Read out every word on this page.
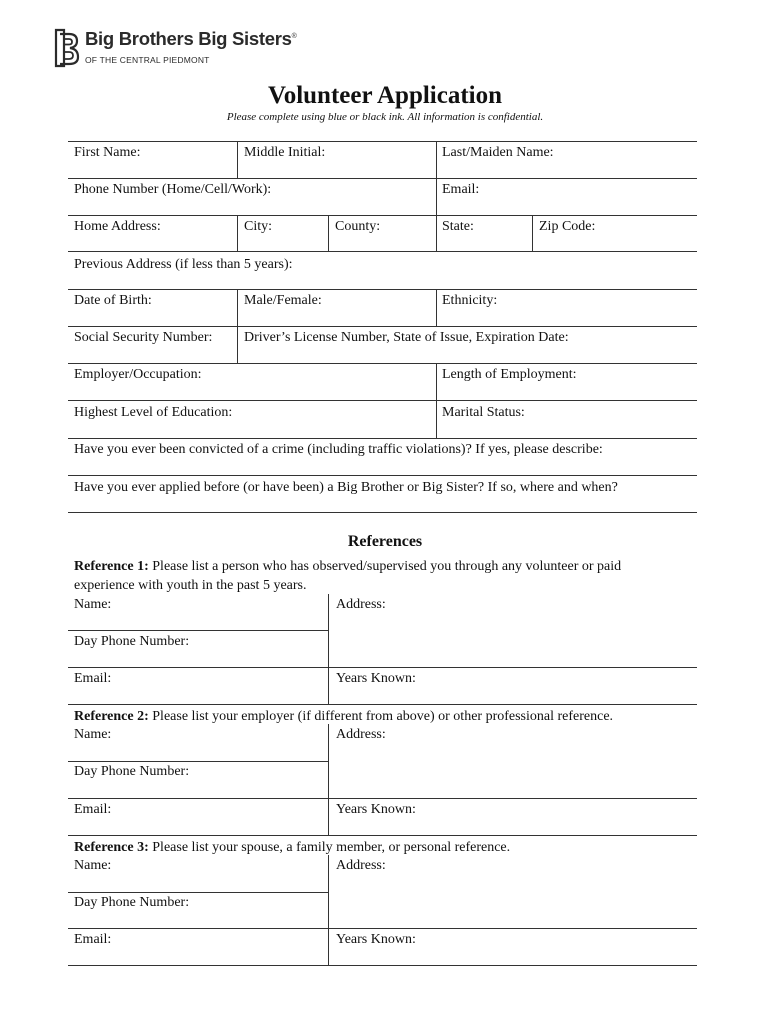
Big Brothers Big Sisters®
OF THE CENTRAL PIEDMONT
Volunteer Application
Please complete using blue or black ink. All information is confidential.
First Name:	Middle Initial:	Last/Maiden Name:
Phone Number (Home/Cell/Work):	Email:
Home Address:	City:	County:	State:	Zip Code:
Previous Address (if less than 5 years):
Date of Birth:	Male/Female:	Ethnicity:
Social Security Number: Driver’s License Number, State of Issue, Expiration Date:
Employer/Occupation:	Length of Employment:
Highest Level of Education:	Marital Status:
Have you ever been convicted of a crime (including traffic violations)? If yes, please describe:
Have you ever applied before (or have been) a Big Brother or Big Sister? If so, where and when?
References
Reference 1: Please list a person who has observed/supervised you through any volunteer or paid experience with youth in the past 5 years.
Name:	Address:
Day Phone Number:
Email:	Years Known:
Reference 2: Please list your employer (if different from above) or other professional reference.
Name:	Address:
Day Phone Number:
Email:	Years Known:
Reference 3: Please list your spouse, a family member, or personal reference.
Name:	Address:
Day Phone Number:
Email:	Years Known:
